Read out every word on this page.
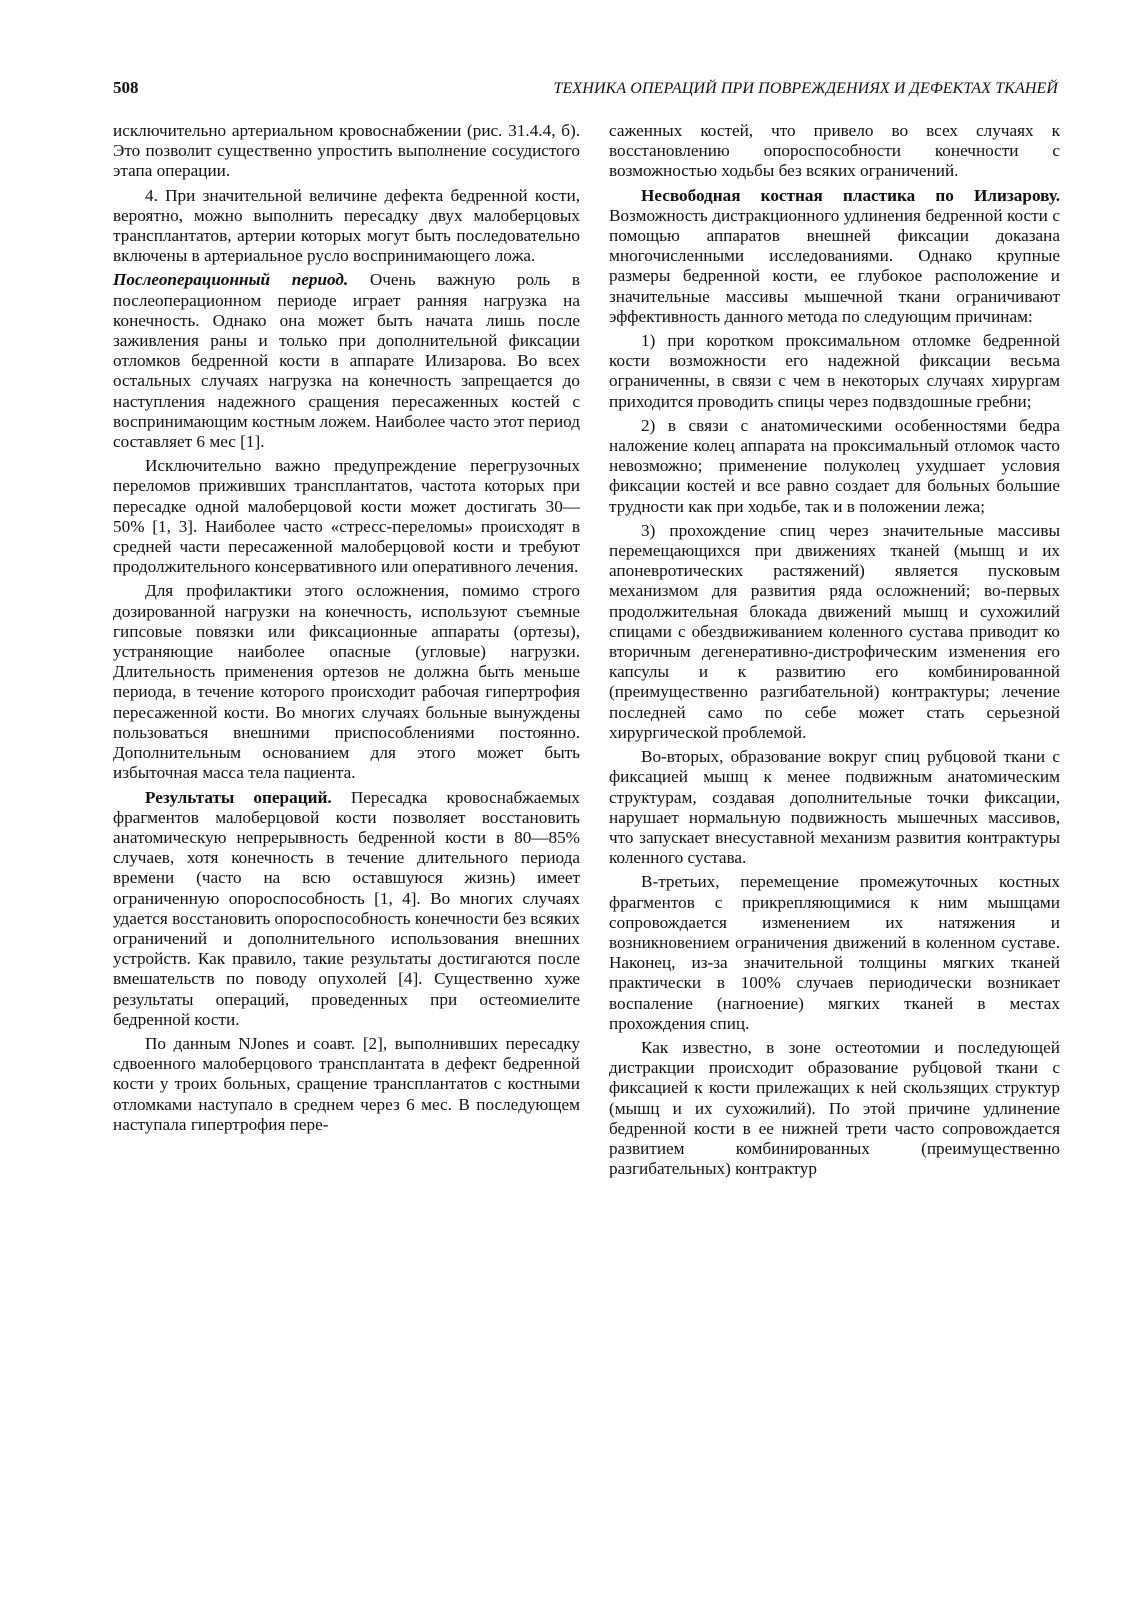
508	ТЕХНИКА ОПЕРАЦИЙ ПРИ ПОВРЕЖДЕНИЯХ И ДЕФЕКТАХ ТКАНЕЙ

исключительно артериальном кровоснабжении (рис. 31.4.4, б). Это позволит существенно упростить выполнение сосудистого этапа операции.

4. При значительной величине дефекта бедренной кости, вероятно, можно выполнить пересадку двух малоберцовых трансплантатов, артерии которых могут быть последовательно включены в артериальное русло воспринимающего ложа.

Послеоперационный период. Очень важную роль в послеоперационном периоде играет ранняя нагрузка на конечность. Однако она может быть начата лишь после заживления раны и только при дополнительной фиксации отломков бедренной кости в аппарате Илизарова. Во всех остальных случаях нагрузка на конечность запрещается до наступления надежного сращения пересаженных костей с воспринимающим костным ложем. Наиболее часто этот период составляет 6 мес [1].

Исключительно важно предупреждение перегрузочных переломов приживших трансплантатов, частота которых при пересадке одной малоберцовой кости может достигать 30—50% [1, 3]. Наиболее часто «стресс-переломы» происходят в средней части пересаженной малоберцовой кости и требуют продолжительного консервативного или оперативного лечения.

Для профилактики этого осложнения, помимо строго дозированной нагрузки на конечность, используют съемные гипсовые повязки или фиксационные аппараты (ортезы), устраняющие наиболее опасные (угловые) нагрузки. Длительность применения ортезов не должна быть меньше периода, в течение которого происходит рабочая гипертрофия пересаженной кости. Во многих случаях больные вынуждены пользоваться внешними приспособлениями постоянно. Дополнительным основанием для этого может быть избыточная масса тела пациента.

Результаты операций. Пересадка кровоснабжаемых фрагментов малоберцовой кости позволяет восстановить анатомическую непрерывность бедренной кости в 80—85% случаев, хотя конечность в течение длительного периода времени (часто на всю оставшуюся жизнь) имеет ограниченную опороспособность [1, 4]. Во многих случаях удается восстановить опороспособность конечности без всяких ограничений и дополнительного использования внешних устройств. Как правило, такие результаты достигаются после вмешательств по поводу опухолей [4]. Существенно хуже результаты операций, проведенных при остеомиелите бедренной кости.

По данным NJones и соавт. [2], выполнивших пересадку сдвоенного малоберцового трансплантата в дефект бедренной кости у троих больных, сращение трансплантатов с костными отломками наступало в среднем через 6 мес. В последующем наступала гипертрофия пере-

саженных костей, что привело во всех случаях к восстановлению опороспособности конечности с возможностью ходьбы без всяких ограничений.

Несвободная костная пластика по Илизарову. Возможность дистракционного удлинения бедренной кости с помощью аппаратов внешней фиксации доказана многочисленными исследованиями. Однако крупные размеры бедренной кости, ее глубокое расположение и значительные массивы мышечной ткани ограничивают эффективность данного метода по следующим причинам:

1) при коротком проксимальном отломке бедренной кости возможности его надежной фиксации весьма ограниченны, в связи с чем в некоторых случаях хирургам приходится проводить спицы через подвздошные гребни;

2) в связи с анатомическими особенностями бедра наложение колец аппарата на проксимальный отломок часто невозможно; применение полуколец ухудшает условия фиксации костей и все равно создает для больных большие трудности как при ходьбе, так и в положении лежа;

3) прохождение спиц через значительные массивы перемещающихся при движениях тканей (мышц и их апоневротических растяжений) является пусковым механизмом для развития ряда осложнений; во-первых продолжительная блокада движений мышц и сухожилий спицами с обездвиживанием коленного сустава приводит ко вторичным дегенеративно-дистрофическим изменения его капсулы и к развитию его комбинированной (преимущественно разгибательной) контрактуры; лечение последней само по себе может стать серьезной хирургической проблемой.

Во-вторых, образование вокруг спиц рубцовой ткани с фиксацией мышц к менее подвижным анатомическим структурам, создавая дополнительные точки фиксации, нарушает нормальную подвижность мышечных массивов, что запускает внесуставной механизм развития контрактуры коленного сустава.

В-третьих, перемещение промежуточных костных фрагментов с прикрепляющимися к ним мышцами сопровождается изменением их натяжения и возникновением ограничения движений в коленном суставе. Наконец, из-за значительной толщины мягких тканей практически в 100% случаев периодически возникает воспаление (нагноение) мягких тканей в местах прохождения спиц.

Как известно, в зоне остеотомии и последующей дистракции происходит образование рубцовой ткани с фиксацией к кости прилежащих к ней скользящих структур (мышц и их сухожилий). По этой причине удлинение бедренной кости в ее нижней трети часто сопровождается развитием комбинированных (преимущественно разгибательных) контрактур
